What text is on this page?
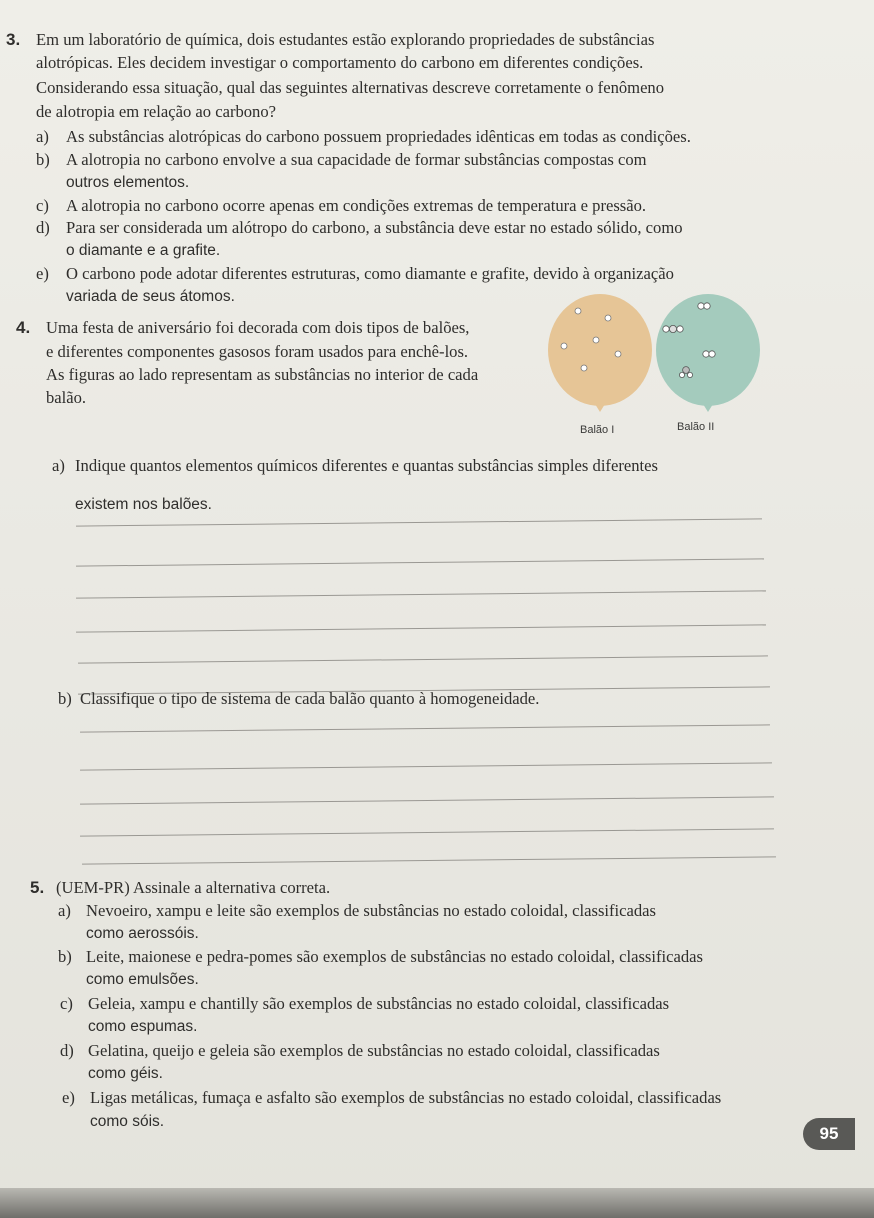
3. Em um laboratório de química, dois estudantes estão explorando propriedades de substâncias
alotrópicas. Eles decidem investigar o comportamento do carbono em diferentes condições.
Considerando essa situação, qual das seguintes alternativas descreve corretamente o fenômeno
de alotropia em relação ao carbono?
a) As substâncias alotrópicas do carbono possuem propriedades idênticas em todas as condições.
b) A alotropia no carbono envolve a sua capacidade de formar substâncias compostas com
outros elementos.
c) A alotropia no carbono ocorre apenas em condições extremas de temperatura e pressão.
d) Para ser considerada um alótropo do carbono, a substância deve estar no estado sólido, como
o diamante e a grafite.
e) O carbono pode adotar diferentes estruturas, como diamante e grafite, devido à organização
variada de seus átomos.
4. Uma festa de aniversário foi decorada com dois tipos de balões,
e diferentes componentes gasosos foram usados para enchê-los.
As figuras ao lado representam as substâncias no interior de cada
balão.
Balão I	Balão II
a) Indique quantos elementos químicos diferentes e quantas substâncias simples diferentes
existem nos balões.
b) Classifique o tipo de sistema de cada balão quanto à homogeneidade.
5. (UEM-PR) Assinale a alternativa correta.
a) Nevoeiro, xampu e leite são exemplos de substâncias no estado coloidal, classificadas
como aerossóis.
b) Leite, maionese e pedra-pomes são exemplos de substâncias no estado coloidal, classificadas
como emulsões.
c) Geleia, xampu e chantilly são exemplos de substâncias no estado coloidal, classificadas
como espumas.
d) Gelatina, queijo e geleia são exemplos de substâncias no estado coloidal, classificadas
como géis.
e) Ligas metálicas, fumaça e asfalto são exemplos de substâncias no estado coloidal, classificadas
como sóis.
95
